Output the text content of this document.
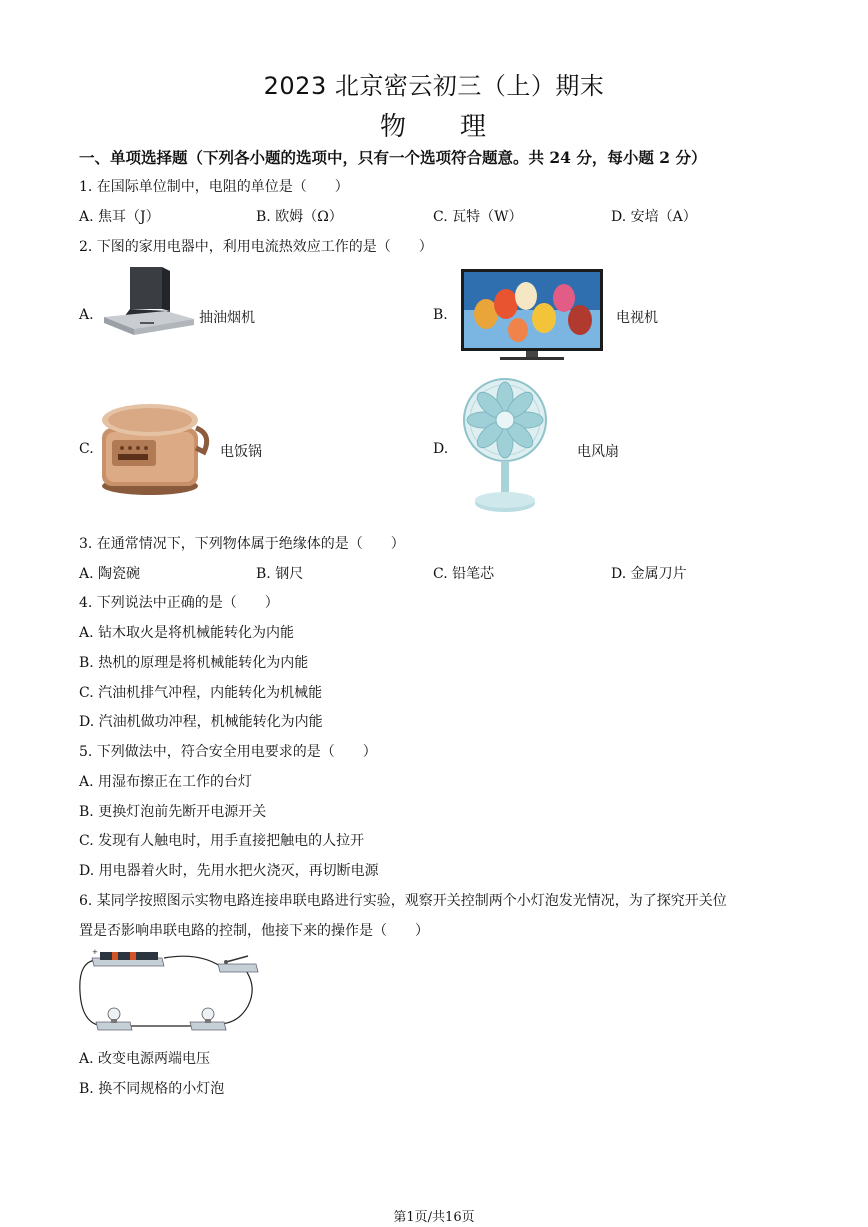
2023 北京密云初三（上）期末
物 理
一、单项选择题（下列各小题的选项中，只有一个选项符合题意。共 24 分，每小题 2 分）
1. 在国际单位制中，电阻的单位是（　　）
A. 焦耳（J）	B. 欧姆（Ω）	C. 瓦特（W）	D. 安培（A）
2. 下图的家用电器中，利用电流热效应工作的是（　　）
A.	抽油烟机	B.	电视机
C.	电饭锅	D.	电风扇
3. 在通常情况下，下列物体属于绝缘体的是（　　）
A. 陶瓷碗	B. 钢尺	C. 铅笔芯	D. 金属刀片
4. 下列说法中正确的是（　　）
A. 钻木取火是将机械能转化为内能
B. 热机的原理是将机械能转化为内能
C. 汽油机排气冲程，内能转化为机械能
D. 汽油机做功冲程，机械能转化为内能
5. 下列做法中，符合安全用电要求的是（　　）
A. 用湿布擦正在工作的台灯
B. 更换灯泡前先断开电源开关
C. 发现有人触电时，用手直接把触电的人拉开
D. 用电器着火时，先用水把火浇灭，再切断电源
6. 某同学按照图示实物电路连接串联电路进行实验，观察开关控制两个小灯泡发光情况，为了探究开关位
置是否影响串联电路的控制，他接下来的操作是（　　）
+
A. 改变电源两端电压
B. 换不同规格的小灯泡
第1页/共16页
